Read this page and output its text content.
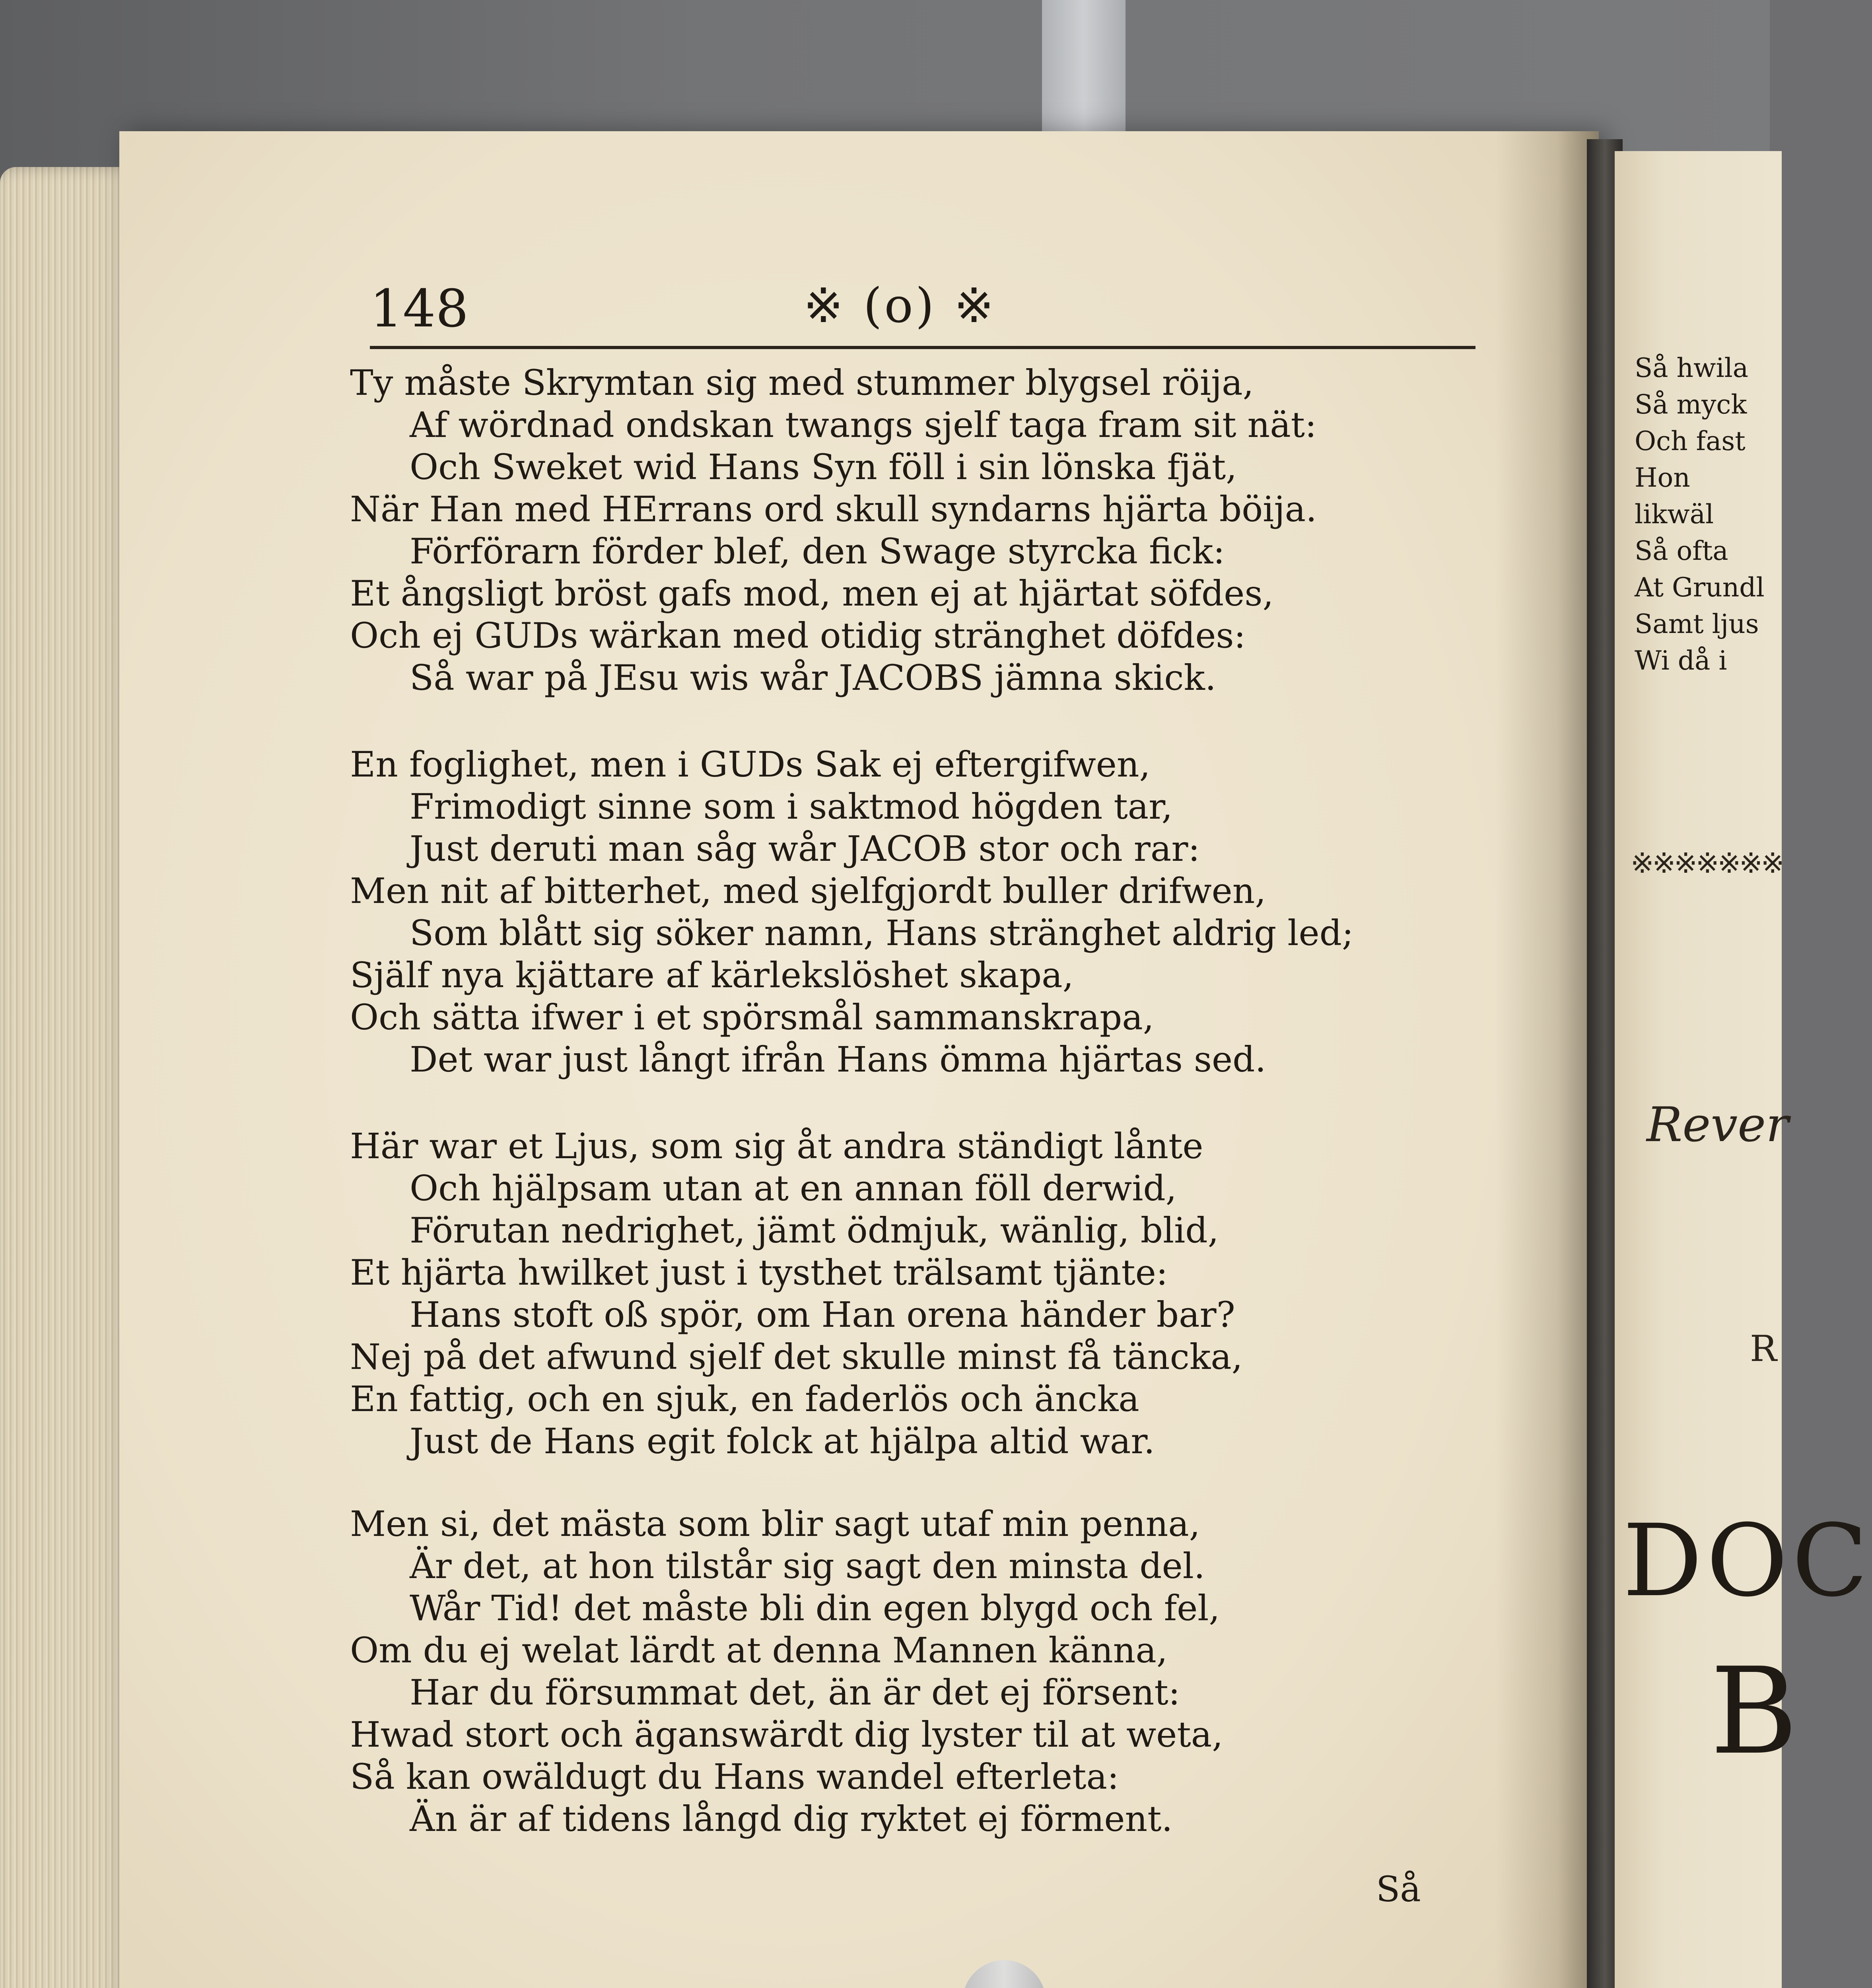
148	※ (o) ※
Ty måste Skrymtan sig med stummer blygsel röija,
Af wördnad ondskan twangs sjelf taga fram sit nät:
Och Sweket wid Hans Syn föll i sin lönska fjät,
När Han med HErrans ord skull syndarns hjärta böija.
Förförarn förder blef, den Swage styrcka fick:
Et ångsligt bröst gafs mod, men ej at hjärtat söfdes,
Och ej GUDs wärkan med otidig stränghet döfdes:
Så war på JEsu wis wår JACOBS jämna skick.
En foglighet, men i GUDs Sak ej eftergifwen,
Frimodigt sinne som i saktmod högden tar,
Just deruti man såg wår JACOB stor och rar:
Men nit af bitterhet, med sjelfgjordt buller drifwen,
Som blått sig söker namn, Hans stränghet aldrig led;
Själf nya kjättare af kärlekslöshet skapa,
Och sätta ifwer i et spörsmål sammanskrapa,
Det war just långt ifrån Hans ömma hjärtas sed.
Här war et Ljus, som sig åt andra ständigt lånte
Och hjälpsam utan at en annan föll derwid,
Förutan nedrighet, jämt ödmjuk, wänlig, blid,
Et hjärta hwilket just i tysthet trälsamt tjänte:
Hans stoft oß spör, om Han orena händer bar?
Nej på det afwund sjelf det skulle minst få täncka,
En fattig, och en sjuk, en faderlös och äncka
Just de Hans egit folck at hjälpa altid war.
Men si, det mästa som blir sagt utaf min penna,
Är det, at hon tilstår sig sagt den minsta del.
Wår Tid! det måste bli din egen blygd och fel,
Om du ej welat lärdt at denna Mannen känna,
Har du försummat det, än är det ej försent:
Hwad stort och äganswärdt dig lyster til at weta,
Så kan owäldugt du Hans wandel efterleta:
Än är af tidens långd dig ryktet ej förment.
Så
Så hwila
Så myck
Och fast
Hon likwäl
Så ofta
At Grundl
Samt ljus
Wi då i
※※※※※※※
Rever
R
DOC
B
